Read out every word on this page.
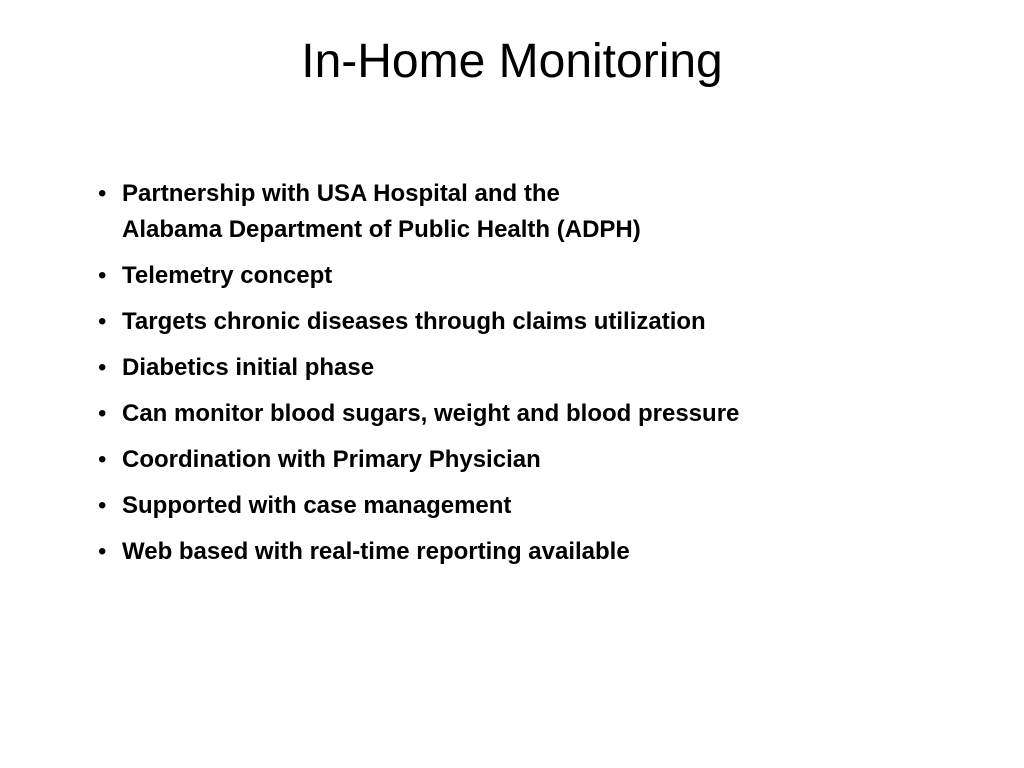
In-Home Monitoring
• Partnership with USA Hospital and the
Alabama Department of Public Health (ADPH)
• Telemetry concept
• Targets chronic diseases through claims utilization
• Diabetics initial phase
• Can monitor blood sugars, weight and blood pressure
• Coordination with Primary Physician
• Supported with case management
• Web based with real-time reporting available
